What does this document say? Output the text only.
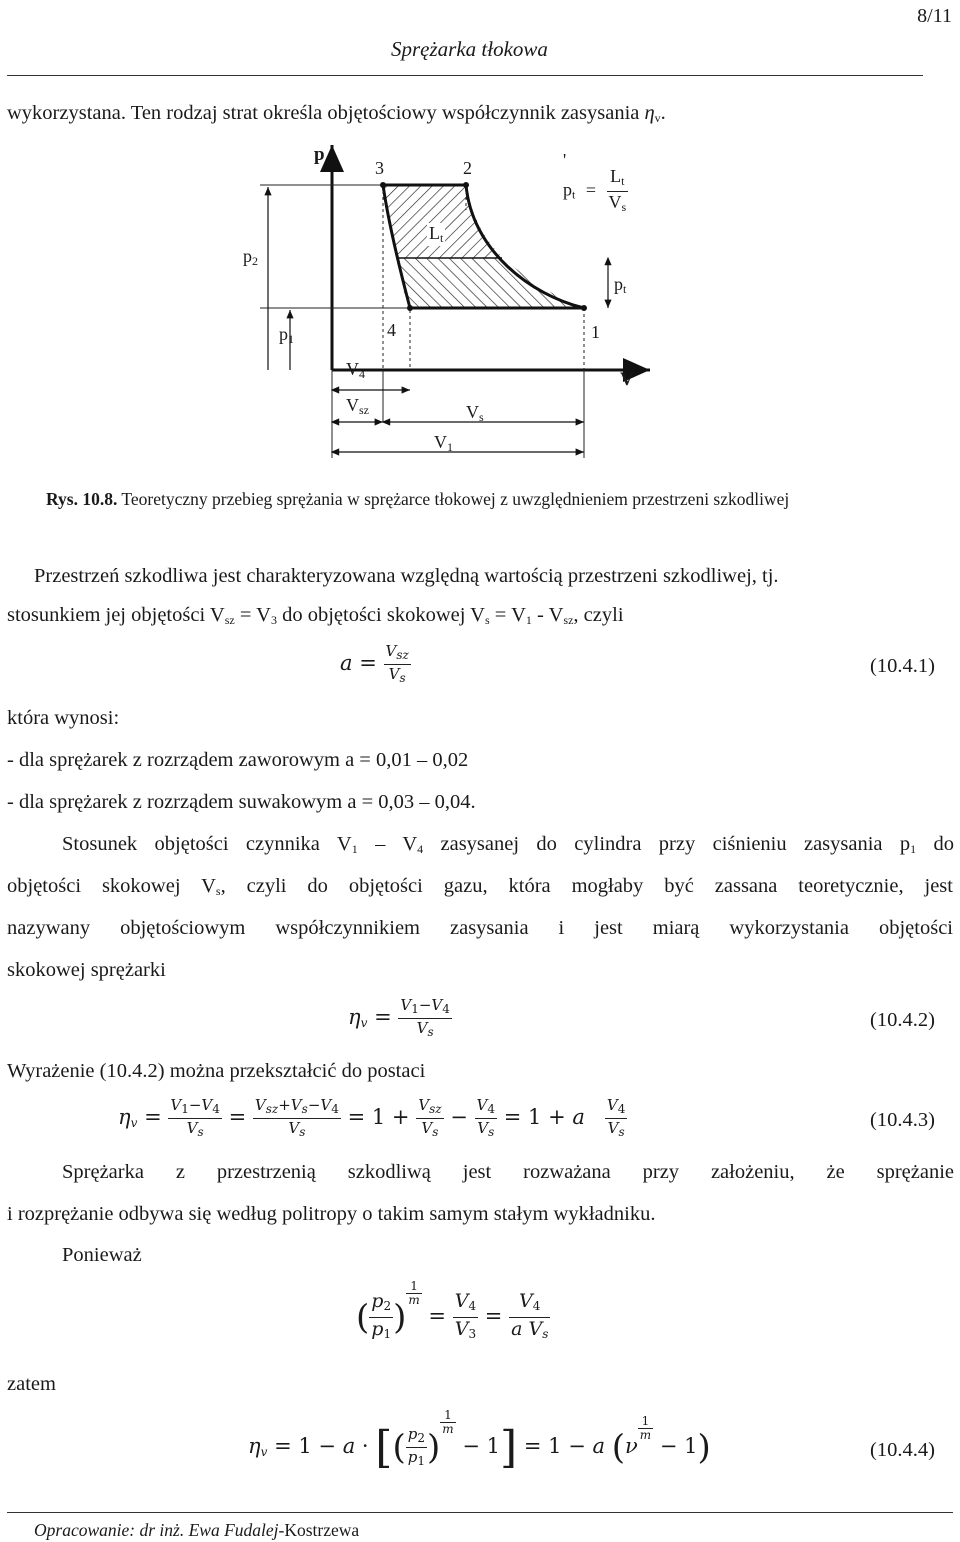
8/11
Sprężarka tłokowa
wykorzystana. Ten rodzaj strat określa objętościowy współczynnik zasysania $\eta_v$.
p
V
3	2
4	1
$p_2$
$p_1$
$p_t$
$L_t$
$V_4$
$V_{sz}$	$V_s$
$V_1$
'
$p_t = \frac{L_t}{V_s}$
Rys. 10.8. Teoretyczny przebieg sprężania w sprężarce tłokowej z uwzględnieniem przestrzeni szkodliwej
Przestrzeń szkodliwa jest charakteryzowana względną wartością przestrzeni szkodliwej, tj.
stosunkiem jej objętości $V_{sz} = V_3$ do objętości skokowej $V_s = V_1 - V_{sz}$, czyli
$a = \frac{V_{sz}}{V_s}$	(10.4.1)
która wynosi:
- dla sprężarek z rozrządem zaworowym a = 0,01 – 0,02
- dla sprężarek z rozrządem suwakowym a = 0,03 – 0,04.
Stosunek objętości czynnika $V_1 - V_4$ zasysanej do cylindra przy ciśnieniu zasysania $p_1$ do
objętości skokowej $V_s$, czyli do objętości gazu, która mogłaby być zassana teoretycznie, jest
nazywany objętościowym współczynnikiem zasysania i jest miarą wykorzystania objętości
skokowej sprężarki
$\eta_v = \frac{V_1-V_4}{V_s}$	(10.4.2)
Wyrażenie (10.4.2) można przekształcić do postaci
$\eta_v = \frac{V_1-V_4}{V_s} = \frac{V_{sz}+V_s-V_4}{V_s} = 1 + \frac{V_{sz}}{V_s} - \frac{V_4}{V_s} = 1 + a \frac{V_4}{V_s}$	(10.4.3)
Sprężarka z przestrzenią szkodliwą jest rozważana przy założeniu, że sprężanie
i rozprężanie odbywa się według politropy o takim samym stałym wykładniku.
Ponieważ
( $\frac{p_2}{p_1}$ )
$^{\frac{1}{m}}$
= $\frac{V_4}{V_3} = \frac{V_4}{a V_s}$
zatem
$\eta_v = 1 - a$ · [( $\frac{p_2}{p_1}$ )
$^{\frac{1}{m}}$
− 1] = 1 − a (ν
$^{\frac{1}{m}}$
− 1)	(10.4.4)
Opracowanie: dr inż. Ewa Fudalej-Kostrzewa
